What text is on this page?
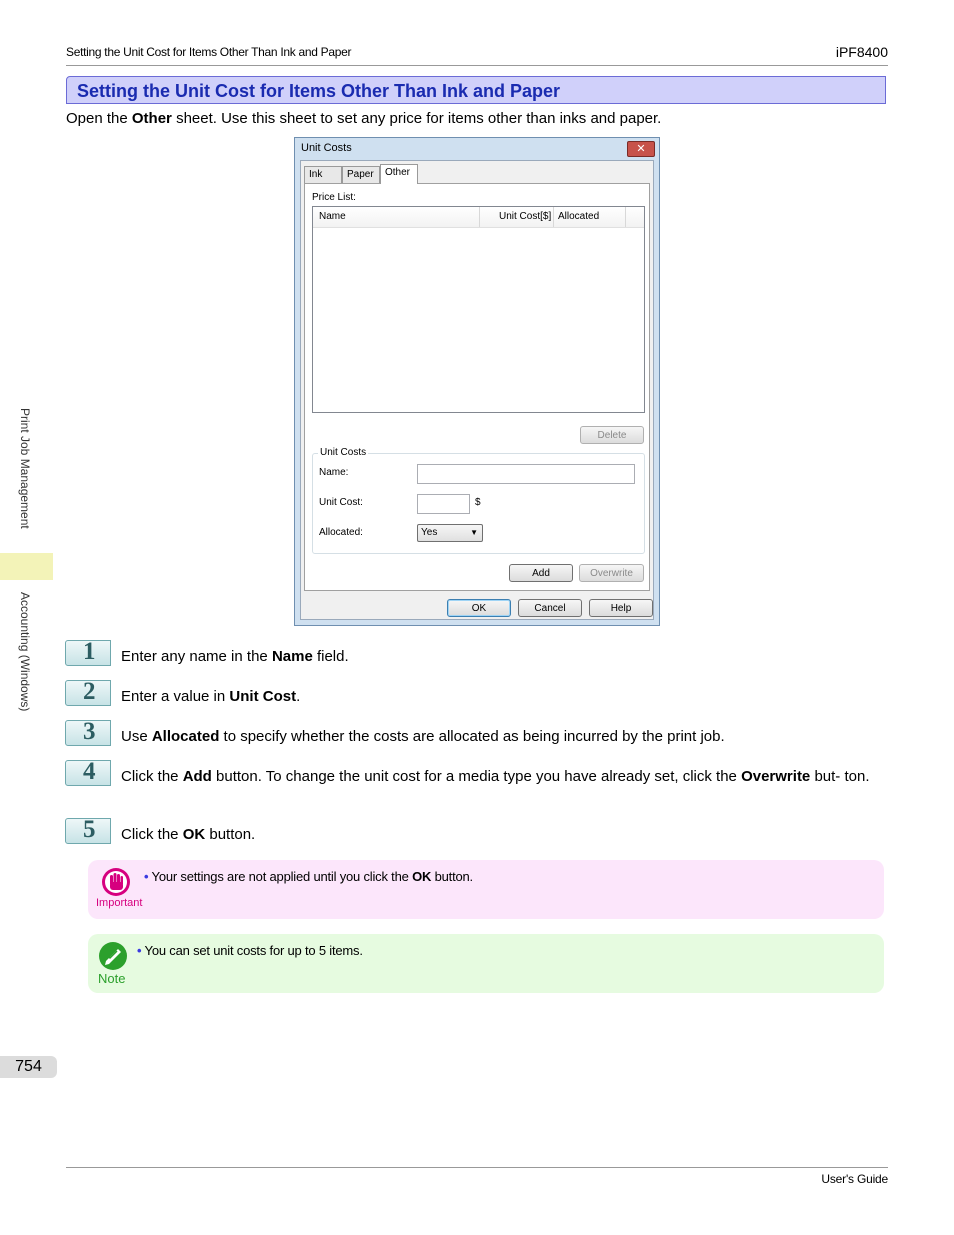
Setting the Unit Cost for Items Other Than Ink and Paper	iPF8400
Print Job Management
Accounting (Windows)
Setting the Unit Cost for Items Other Than Ink and Paper
Open the Other sheet. Use this sheet to set any price for items other than inks and paper.
Unit Costs	✕
Ink	Paper
Price List:
Name	Unit Cost[$] Allocated
Delete
Unit Costs
Name:
Unit Cost:	$
Allocated:	Yes	▼
Add	Overwrite
Other
OK	Cancel	Help
1 Enter any name in the Name field.
2 Enter a value in Unit Cost.
3 Use Allocated to specify whether the costs are allocated as being incurred by the print job.
4 Click the Add button. To change the unit cost for a media type you have already set, click the Overwrite but- ton.
5 Click the OK button.
Important
• Your settings are not applied until you click the OK button.
Note
• You can set unit costs for up to 5 items.
754
User's Guide
